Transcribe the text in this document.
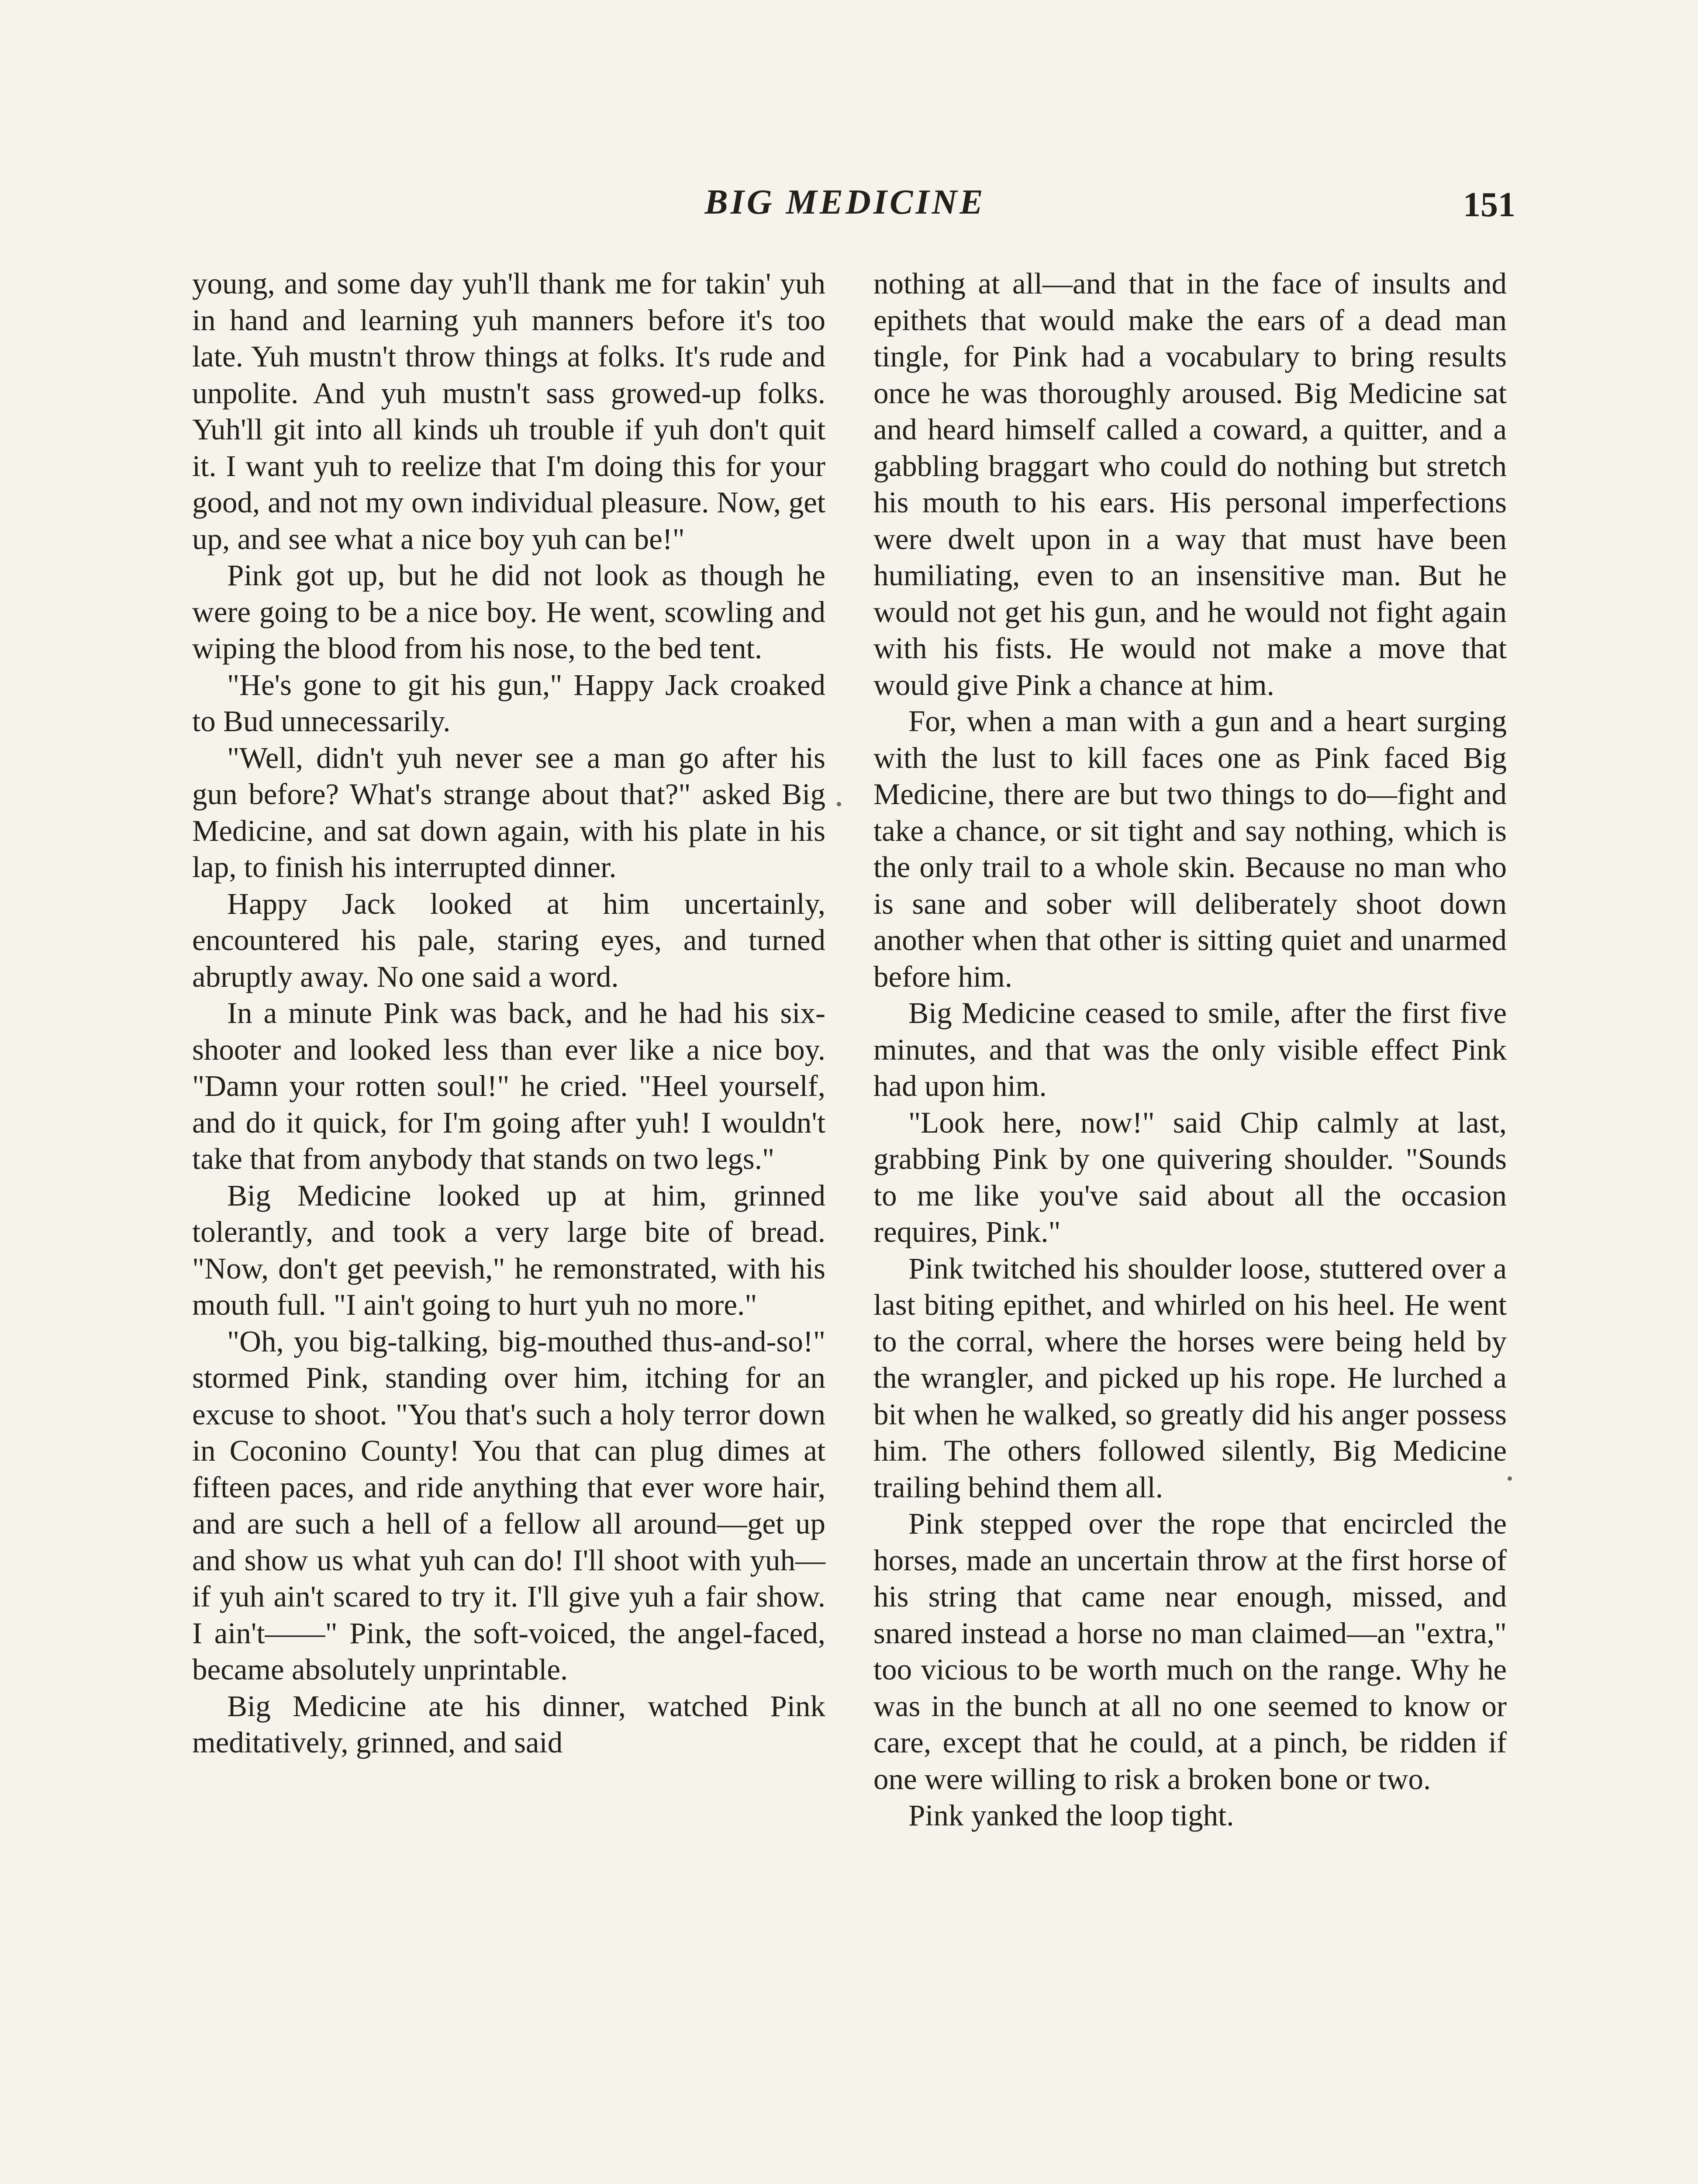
BIG MEDICINE	151

young, and some day yuh'll thank me for takin' yuh in hand and learning yuh manners before it's too late. Yuh mustn't throw things at folks. It's rude and unpolite. And yuh mustn't sass growed-up folks. Yuh'll git into all kinds uh trouble if yuh don't quit it. I want yuh to reelize that I'm doing this for your good, and not my own individual pleasure. Now, get up, and see what a nice boy yuh can be!"

Pink got up, but he did not look as though he were going to be a nice boy. He went, scowling and wiping the blood from his nose, to the bed tent.

"He's gone to git his gun," Happy Jack croaked to Bud unnecessarily.

"Well, didn't yuh never see a man go after his gun before? What's strange about that?" asked Big Medicine, and sat down again, with his plate in his lap, to finish his interrupted dinner.

Happy Jack looked at him uncertainly, encountered his pale, staring eyes, and turned abruptly away. No one said a word.

In a minute Pink was back, and he had his six-shooter and looked less than ever like a nice boy. "Damn your rotten soul!" he cried. "Heel yourself, and do it quick, for I'm going after yuh! I wouldn't take that from anybody that stands on two legs."

Big Medicine looked up at him, grinned tolerantly, and took a very large bite of bread. "Now, don't get peevish," he remonstrated, with his mouth full. "I ain't going to hurt yuh no more."

"Oh, you big-talking, big-mouthed thus-and-so!" stormed Pink, standing over him, itching for an excuse to shoot. "You that's such a holy terror down in Coconino County! You that can plug dimes at fifteen paces, and ride anything that ever wore hair, and are such a hell of a fellow all around—get up and show us what yuh can do! I'll shoot with yuh—if yuh ain't scared to try it. I'll give yuh a fair show. I ain't——" Pink, the soft-voiced, the angel-faced, became absolutely unprintable.

Big Medicine ate his dinner, watched Pink meditatively, grinned, and said

nothing at all—and that in the face of insults and epithets that would make the ears of a dead man tingle, for Pink had a vocabulary to bring results once he was thoroughly aroused. Big Medicine sat and heard himself called a coward, a quitter, and a gabbling braggart who could do nothing but stretch his mouth to his ears. His personal imperfections were dwelt upon in a way that must have been humiliating, even to an insensitive man. But he would not get his gun, and he would not fight again with his fists. He would not make a move that would give Pink a chance at him.

For, when a man with a gun and a heart surging with the lust to kill faces one as Pink faced Big Medicine, there are but two things to do—fight and take a chance, or sit tight and say nothing, which is the only trail to a whole skin. Because no man who is sane and sober will deliberately shoot down another when that other is sitting quiet and unarmed before him.

Big Medicine ceased to smile, after the first five minutes, and that was the only visible effect Pink had upon him.

"Look here, now!" said Chip calmly at last, grabbing Pink by one quivering shoulder. "Sounds to me like you've said about all the occasion requires, Pink."

Pink twitched his shoulder loose, stuttered over a last biting epithet, and whirled on his heel. He went to the corral, where the horses were being held by the wrangler, and picked up his rope. He lurched a bit when he walked, so greatly did his anger possess him. The others followed silently, Big Medicine trailing behind them all.

Pink stepped over the rope that encircled the horses, made an uncertain throw at the first horse of his string that came near enough, missed, and snared instead a horse no man claimed—an "extra," too vicious to be worth much on the range. Why he was in the bunch at all no one seemed to know or care, except that he could, at a pinch, be ridden if one were willing to risk a broken bone or two.

Pink yanked the loop tight.
